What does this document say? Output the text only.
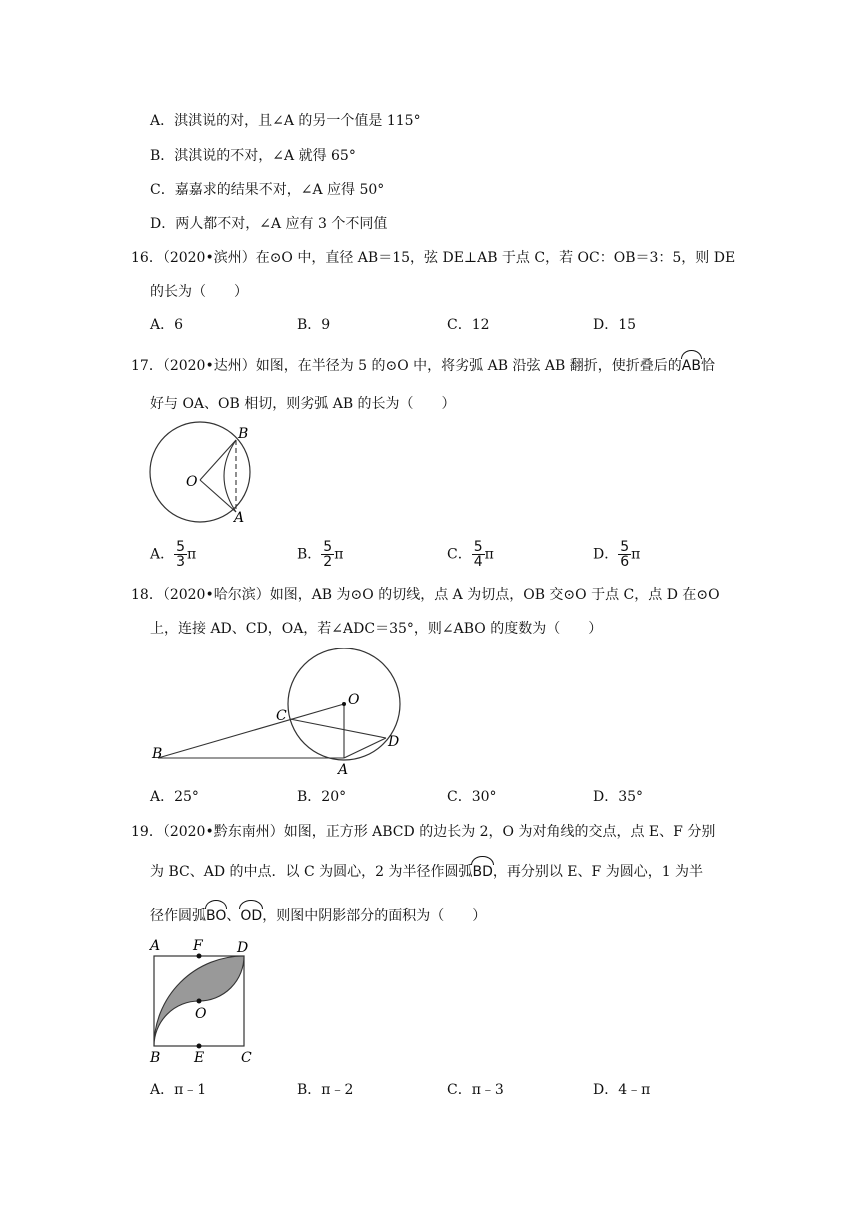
A．淇淇说的对，且∠A 的另一个值是 115°
B．淇淇说的不对，∠A 就得 65°
C．嘉嘉求的结果不对，∠A 应得 50°
D．两人都不对，∠A 应有 3 个不同值
16．（2020•滨州）在⊙O 中，直径 AB＝15，弦 DE⊥AB 于点 C，若 OC：OB＝3：5，则 DE
的长为（　　）
A．6	B．9	C．12	D．15
17．（2020•达州）如图，在半径为 5 的⊙O 中，将劣弧 AB 沿弦 AB 翻折，使折叠后的AB恰
好与 OA、OB 相切，则劣弧 AB 的长为（　　）
B
O
A
A． $\frac{5}{3}$ π	B． $\frac{5}{2}$ π	C． $\frac{5}{4}$ π	D． $\frac{5}{6}$ π
18．（2020•哈尔滨）如图，AB 为⊙O 的切线，点 A 为切点，OB 交⊙O 于点 C，点 D 在⊙O
上，连接 AD、CD，OA，若∠ADC＝35°，则∠ABO 的度数为（　　）
C
O
D
B
A
A．25°	B．20°	C．30°	D．35°
19．（2020•黔东南州）如图，正方形 ABCD 的边长为 2，O 为对角线的交点，点 E、F 分别
为 BC、AD 的中点．以 C 为圆心，2 为半径作圆弧BD，再分别以 E、F 为圆心，1 为半
径作圆弧BO、OD，则图中阴影部分的面积为（　　）
A F D
O
B E	C
A．π﹣1	B．π﹣2	C．π﹣3	D．4﹣π
